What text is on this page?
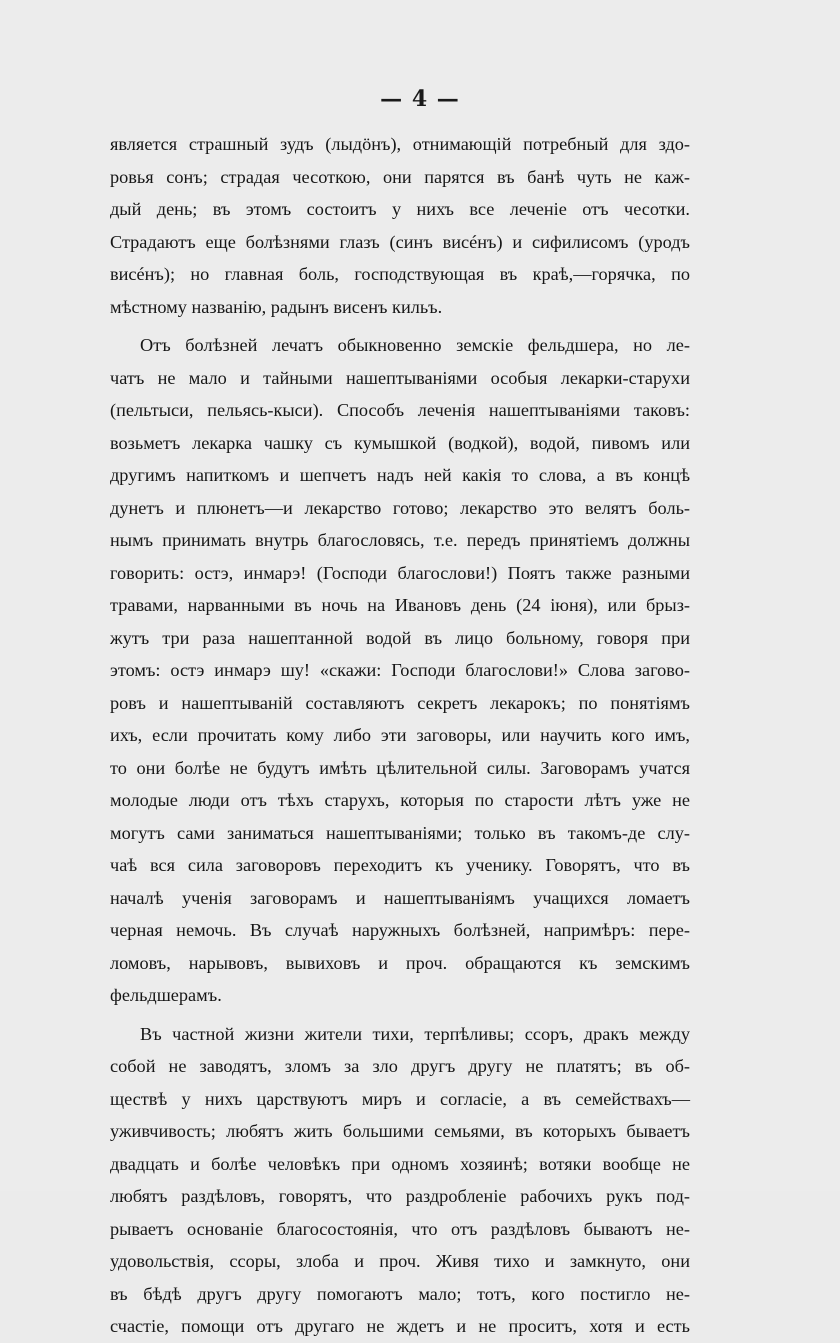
— 4 —

является страшный зудъ (лыдӧнъ), отнимающій потребный для здо-

ровья сонъ; страдая чесоткою, они парятся въ банѣ чуть не каж-

дый день; въ этомъ состоитъ у нихъ все леченіе отъ чесотки.

Страдаютъ еще болѣзнями глазъ (синъ висéнъ) и сифилисомъ (уродъ

висéнъ); но главная боль, господствующая въ краѣ,—горячка, по

мѣстному названію, радынъ висенъ кильъ.

Отъ болѣзней лечатъ обыкновенно земскіе фельдшера, но ле-

чатъ не мало и тайными нашептываніями особыя лекарки-старухи

(пельтыси, пельясь-кыси). Способъ леченія нашептываніями таковъ:

возьметъ лекарка чашку съ кумышкой (водкой), водой, пивомъ или

другимъ напиткомъ и шепчетъ надъ ней какія то слова, а въ концѣ

дунетъ и плюнетъ—и лекарство готово; лекарство это велятъ боль-

нымъ принимать внутрь благословясь, т.е. передъ принятіемъ должны

говорить: остэ, инмарэ! (Господи благослови!) Поятъ также разными

травами, нарванными въ ночь на Ивановъ день (24 іюня), или брыз-

жутъ три раза нашептанной водой въ лицо больному, говоря при

этомъ: остэ инмарэ шу! «скажи: Господи благослови!» Слова загово-

ровъ и нашептываній составляютъ секретъ лекарокъ; по понятіямъ

ихъ, если прочитать кому либо эти заговоры, или научить кого имъ,

то они болѣе не будутъ имѣть цѣлительной силы. Заговорамъ учатся

молодые люди отъ тѣхъ старухъ, которыя по старости лѣтъ уже не

могутъ сами заниматься нашептываніями; только въ такомъ-де слу-

чаѣ вся сила заговоровъ переходитъ къ ученику. Говорятъ, что въ

началѣ ученія заговорамъ и нашептываніямъ учащихся ломаетъ

черная немочь. Въ случаѣ наружныхъ болѣзней, напримѣръ: пере-

ломовъ, нарывовъ, вывиховъ и проч. обращаются къ земскимъ

фельдшерамъ.

Въ частной жизни жители тихи, терпѣливы; ссоръ, дракъ между

собой не заводятъ, зломъ за зло другъ другу не платятъ; въ об-

ществѣ у нихъ царствуютъ миръ и согласіе, а въ семействахъ—

уживчивость; любятъ жить большими семьями, въ которыхъ бываетъ

двадцать и болѣе человѣкъ при одномъ хозяинѣ; вотяки вообще не

любятъ раздѣловъ, говорятъ, что раздробленіе рабочихъ рукъ под-

рываетъ основаніе благосостоянія, что отъ раздѣловъ бываютъ не-

удовольствія, ссоры, злоба и проч. Живя тихо и замкнуто, они

въ бѣдѣ другъ другу помогаютъ мало; тотъ, кого постигло не-

счастіе, помощи отъ другаго не ждетъ и не проситъ, хотя и есть
